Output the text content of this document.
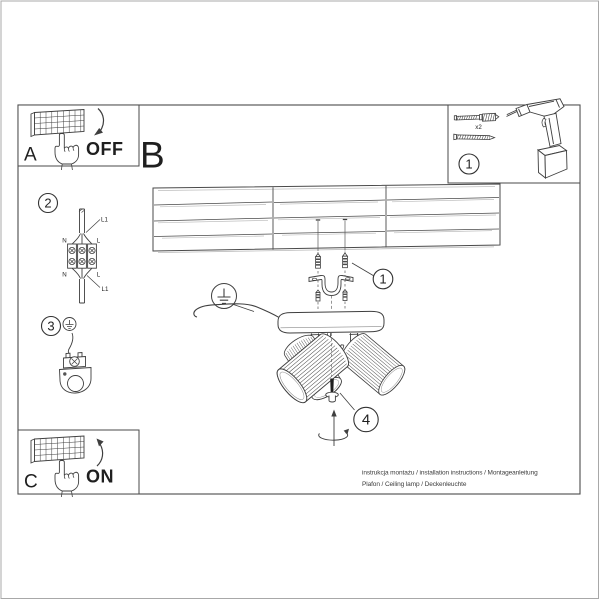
A	OFF B
x2
1
1
4
2
N	L
N	L
L1
L1
3
C	ON	instrukcja montażu / installation instructions / Montageanleitung
Plafon / Ceiling lamp / Deckenleuchte
